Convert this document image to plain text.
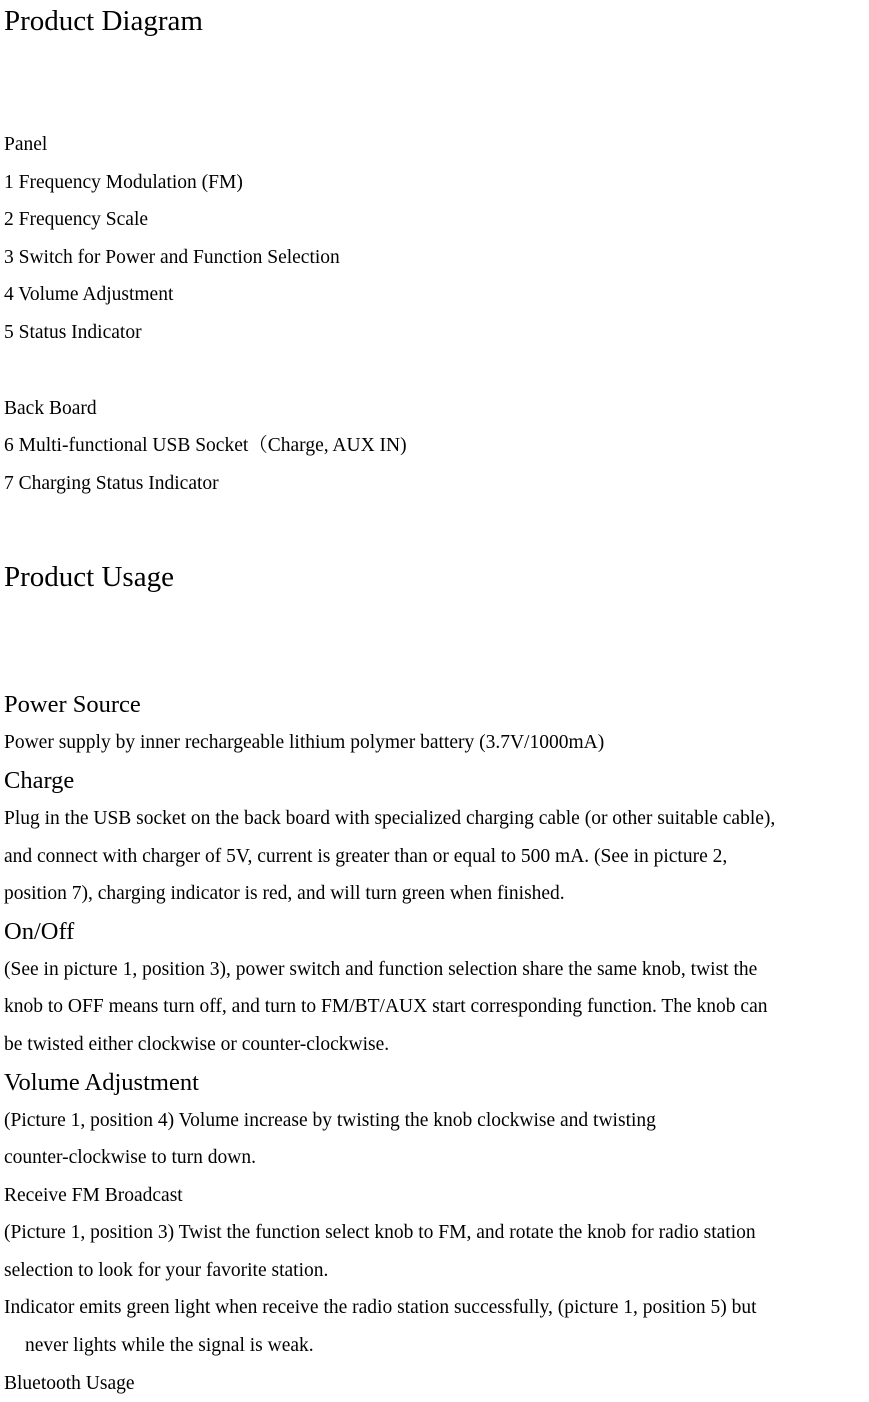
Product Diagram
Panel
1 Frequency Modulation (FM)
2 Frequency Scale
3 Switch for Power and Function Selection
4 Volume Adjustment
5 Status Indicator
Back Board
6 Multi-functional USB Socket（Charge, AUX IN)
7 Charging Status Indicator
Product Usage
Power Source
Power supply by inner rechargeable lithium polymer battery (3.7V/1000mA)
Charge
Plug in the USB socket on the back board with specialized charging cable (or other suitable cable),
and connect with charger of 5V, current is greater than or equal to 500 mA. (See in picture 2,
position 7), charging indicator is red, and will turn green when finished.
On/Off
(See in picture 1, position 3), power switch and function selection share the same knob, twist the
knob to OFF means turn off, and turn to FM/BT/AUX start corresponding function. The knob can
be twisted either clockwise or counter-clockwise.
Volume Adjustment
(Picture 1, position 4) Volume increase by twisting the knob clockwise and twisting
counter-clockwise to turn down.
Receive FM Broadcast
(Picture 1, position 3) Twist the function select knob to FM, and rotate the knob for radio station
selection to look for your favorite station.
Indicator emits green light when receive the radio station successfully, (picture 1, position 5) but
never lights while the signal is weak.
Bluetooth Usage
